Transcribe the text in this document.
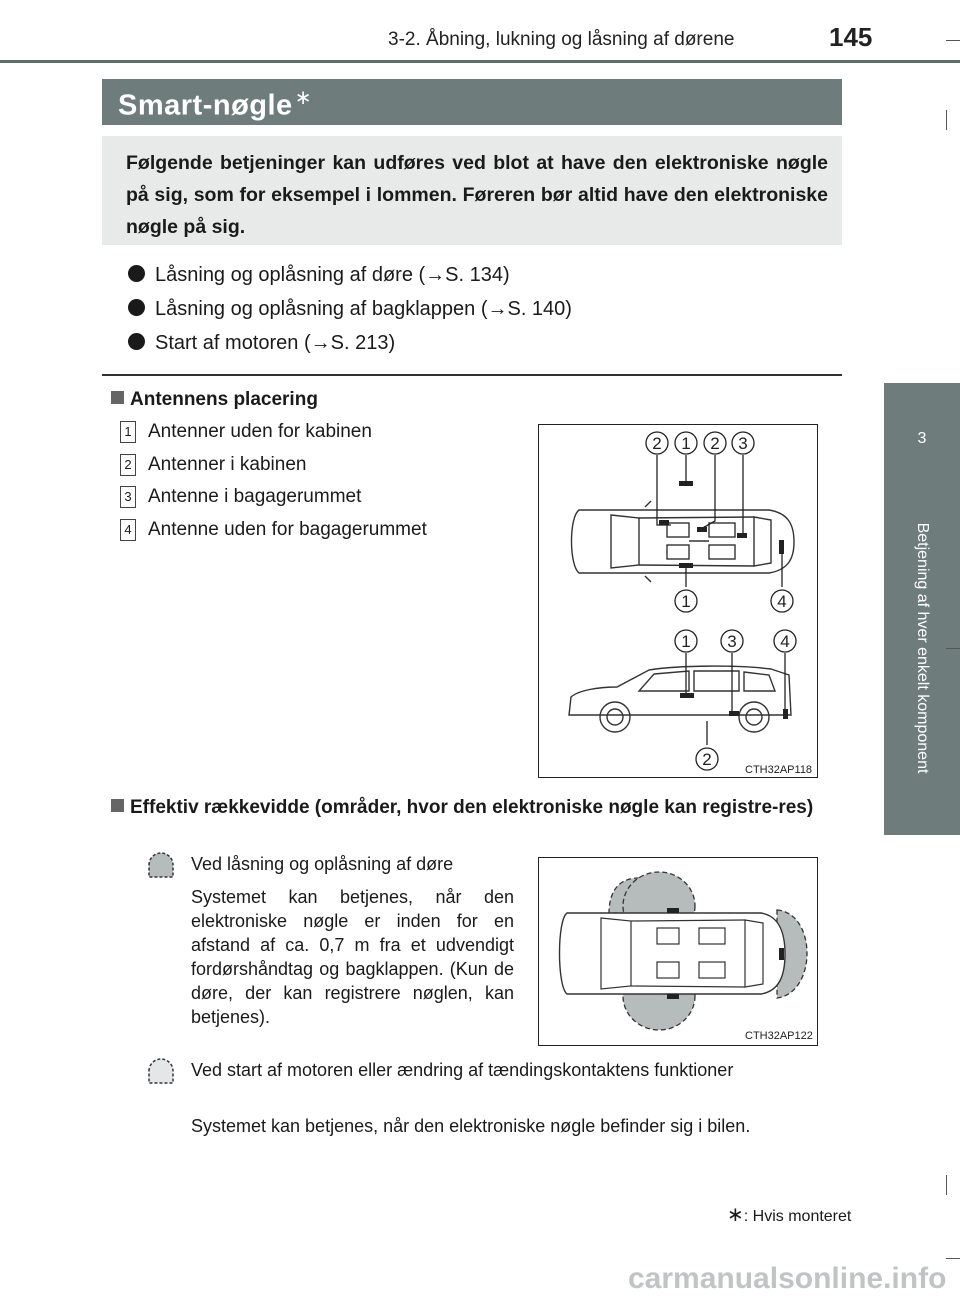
3-2. Åbning, lukning og låsning af dørene	145
3
Betjening af hver enkelt komponent
Smart-nøgle ∗
Følgende betjeninger kan udføres ved blot at have den elektroniske nøgle på sig, som for eksempel i lommen. Føreren bør altid have den elektroniske nøgle på sig.
Låsning og oplåsning af døre (→S. 134)
Låsning og oplåsning af bagklappen (→S. 140)
Start af motoren (→S. 213)
Antennens placering
1 Antenner uden for kabinen
2 Antenner i kabinen
3 Antenne i bagagerummet
4 Antenne uden for bagagerummet
2 1 2 3
1	4
1 3	4
2
CTH32AP118
Effektiv rækkevidde (områder, hvor den elektroniske nøgle kan registre-res)
Ved låsning og oplåsning af døre
Systemet kan betjenes, når den elektroniske nøgle er inden for en afstand af ca. 0,7 m fra et udvendigt fordørshåndtag og bagklappen. (Kun de døre, der kan registrere nøglen, kan betjenes).
CTH32AP122
Ved start af motoren eller ændring af tændingskontaktens funktioner
Systemet kan betjenes, når den elektroniske nøgle befinder sig i bilen.
∗: Hvis monteret
carmanualsonline.info
